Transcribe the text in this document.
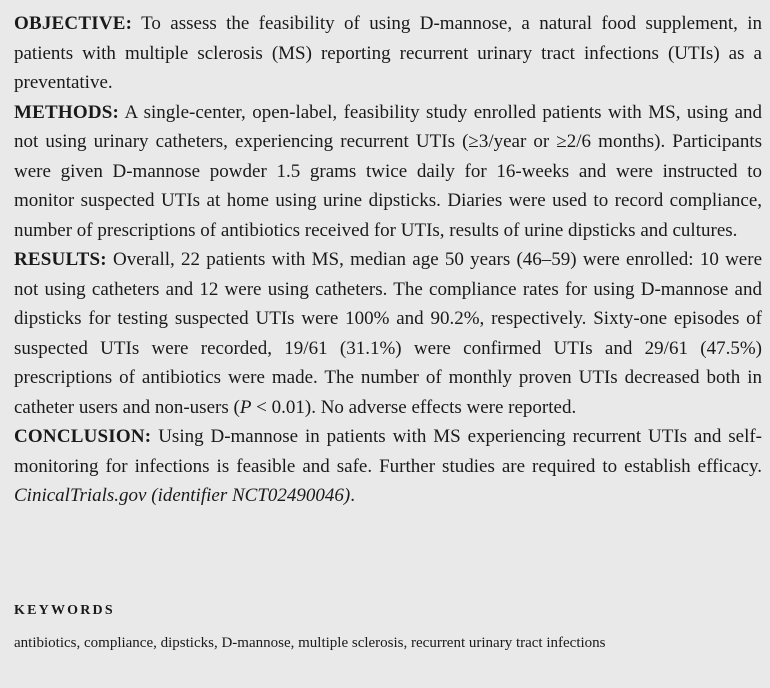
OBJECTIVE: To assess the feasibility of using D-mannose, a natural food supplement, in patients with multiple sclerosis (MS) reporting recurrent urinary tract infections (UTIs) as a preventative.

METHODS: A single-center, open-label, feasibility study enrolled patients with MS, using and not using urinary catheters, experiencing recurrent UTIs (≥3/year or ≥2/6 months). Participants were given D-mannose powder 1.5 grams twice daily for 16-weeks and were instructed to monitor suspected UTIs at home using urine dipsticks. Diaries were used to record compliance, number of prescriptions of antibiotics received for UTIs, results of urine dipsticks and cultures.

RESULTS: Overall, 22 patients with MS, median age 50 years (46–59) were enrolled: 10 were not using catheters and 12 were using catheters. The compliance rates for using D-mannose and dipsticks for testing suspected UTIs were 100% and 90.2%, respectively. Sixty-one episodes of suspected UTIs were recorded, 19/61 (31.1%) were confirmed UTIs and 29/61 (47.5%) prescriptions of antibiotics were made. The number of monthly proven UTIs decreased both in catheter users and non-users (P < 0.01). No adverse effects were reported.

CONCLUSION: Using D-mannose in patients with MS experiencing recurrent UTIs and self-monitoring for infections is feasible and safe. Further studies are required to establish efficacy. CinicalTrials.gov (identifier NCT02490046).

KEYWORDS
antibiotics, compliance, dipsticks, D-mannose, multiple sclerosis, recurrent urinary tract infections
